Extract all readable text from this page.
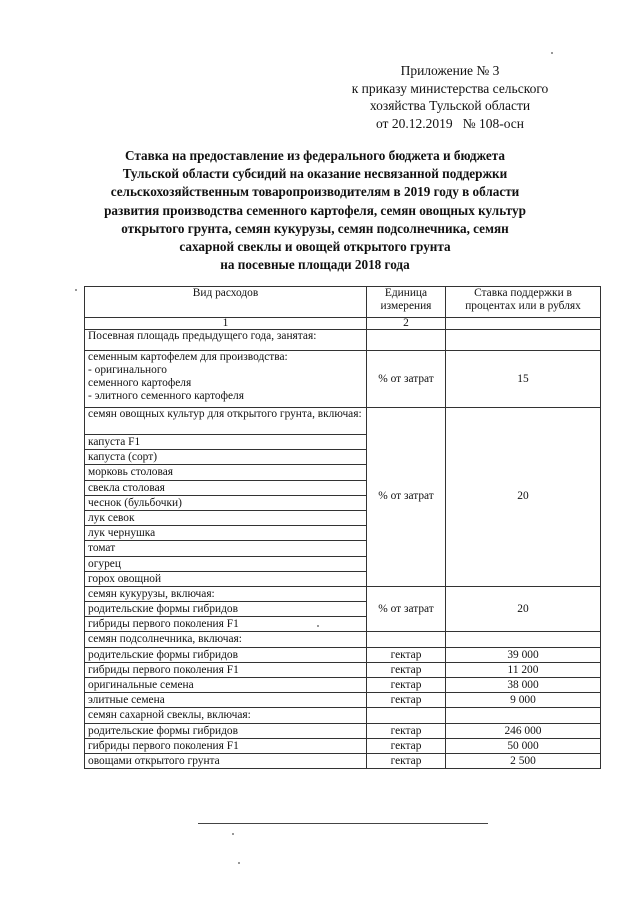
Приложение № 3
к приказу министерства сельского
хозяйства Тульской области
от 20.12.2019   № 108-осн
Ставка на предоставление из федерального бюджета и бюджета
Тульской области субсидий на оказание несвязанной поддержки
сельскохозяйственным товаропроизводителям в 2019 году в области
развития производства семенного картофеля, семян овощных культур
открытого грунта, семян кукурузы, семян подсолнечника, семян
сахарной свеклы и овощей открытого грунта
на посевные площади 2018 года
Вид расходов	Единица измерения	Ставка поддержки в процентах или в рублях
1	2	
Посевная площадь предыдущего года, занятая:		

семенным картофелем для производства:
- оригинального
семенного картофеля
- элитного семенного картофеля	% от затрат	15
семян овощных культур для открытого грунта, включая:	% от затрат	20
капуста F1		
капуста (сорт)		
морковь столовая		
свекла столовая		
чеснок (бульбочки)		
лук севок		
лук чернушка		
томат		
огурец		
горох овощной		
семян кукурузы, включая:	% от затрат	20
родительские формы гибридов		
гибриды первого поколения F1		
семян подсолнечника, включая:		
родительские формы гибридов	гектар	39 000
гибриды первого поколения F1	гектар	11 200
оригинальные семена	гектар	38 000
элитные семена	гектар	9 000
семян сахарной свеклы, включая:		
родительские формы гибридов	гектар	246 000
гибриды первого поколения F1	гектар	50 000
овощами открытого грунта	гектар	2 500
